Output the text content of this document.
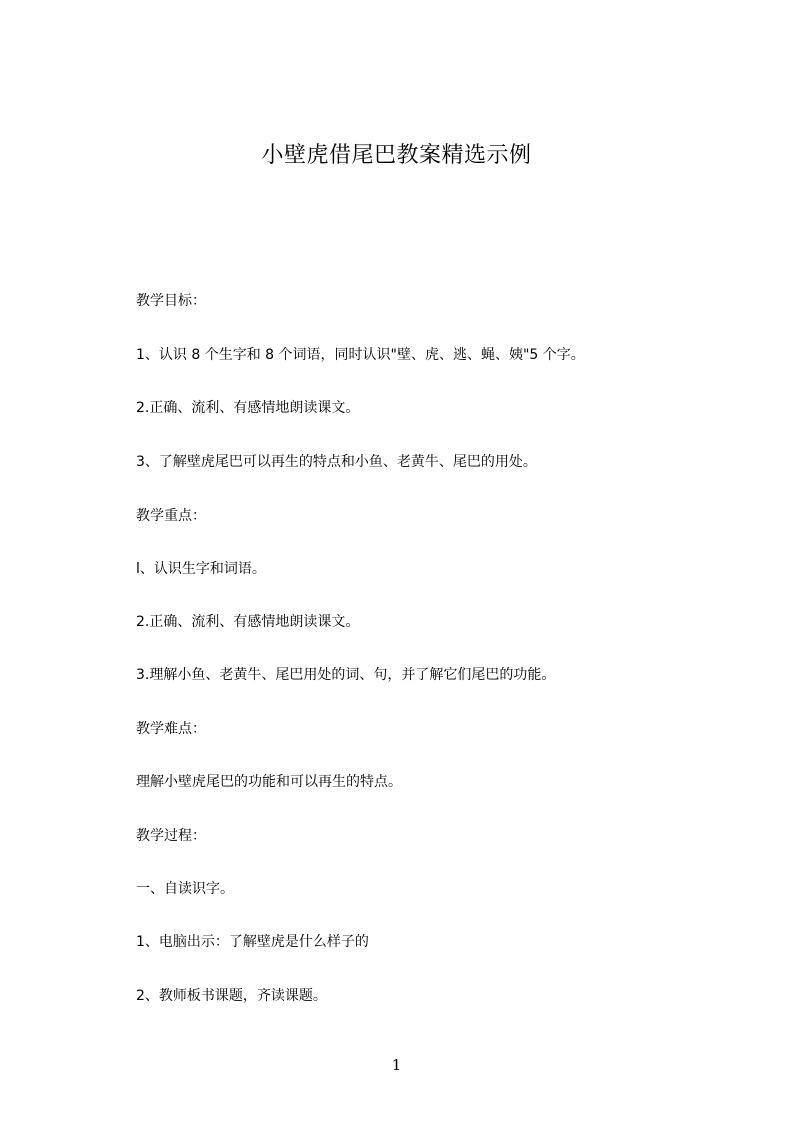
小壁虎借尾巴教案精选示例
教学目标：
1、认识 8 个生字和 8 个词语，同时认识"壁、虎、逃、蝇、姨"5 个字。
2.正确、流利、有感情地朗读课文。
3、了解壁虎尾巴可以再生的特点和小鱼、老黄牛、尾巴的用处。
教学重点：
l、认识生字和词语。
2.正确、流利、有感情地朗读课文。
3.理解小鱼、老黄牛、尾巴用处的词、句，并了解它们尾巴的功能。
教学难点：
理解小壁虎尾巴的功能和可以再生的特点。
教学过程：
一、自读识字。
1、电脑出示：了解壁虎是什么样子的
2、教师板书课题，齐读课题。
1
